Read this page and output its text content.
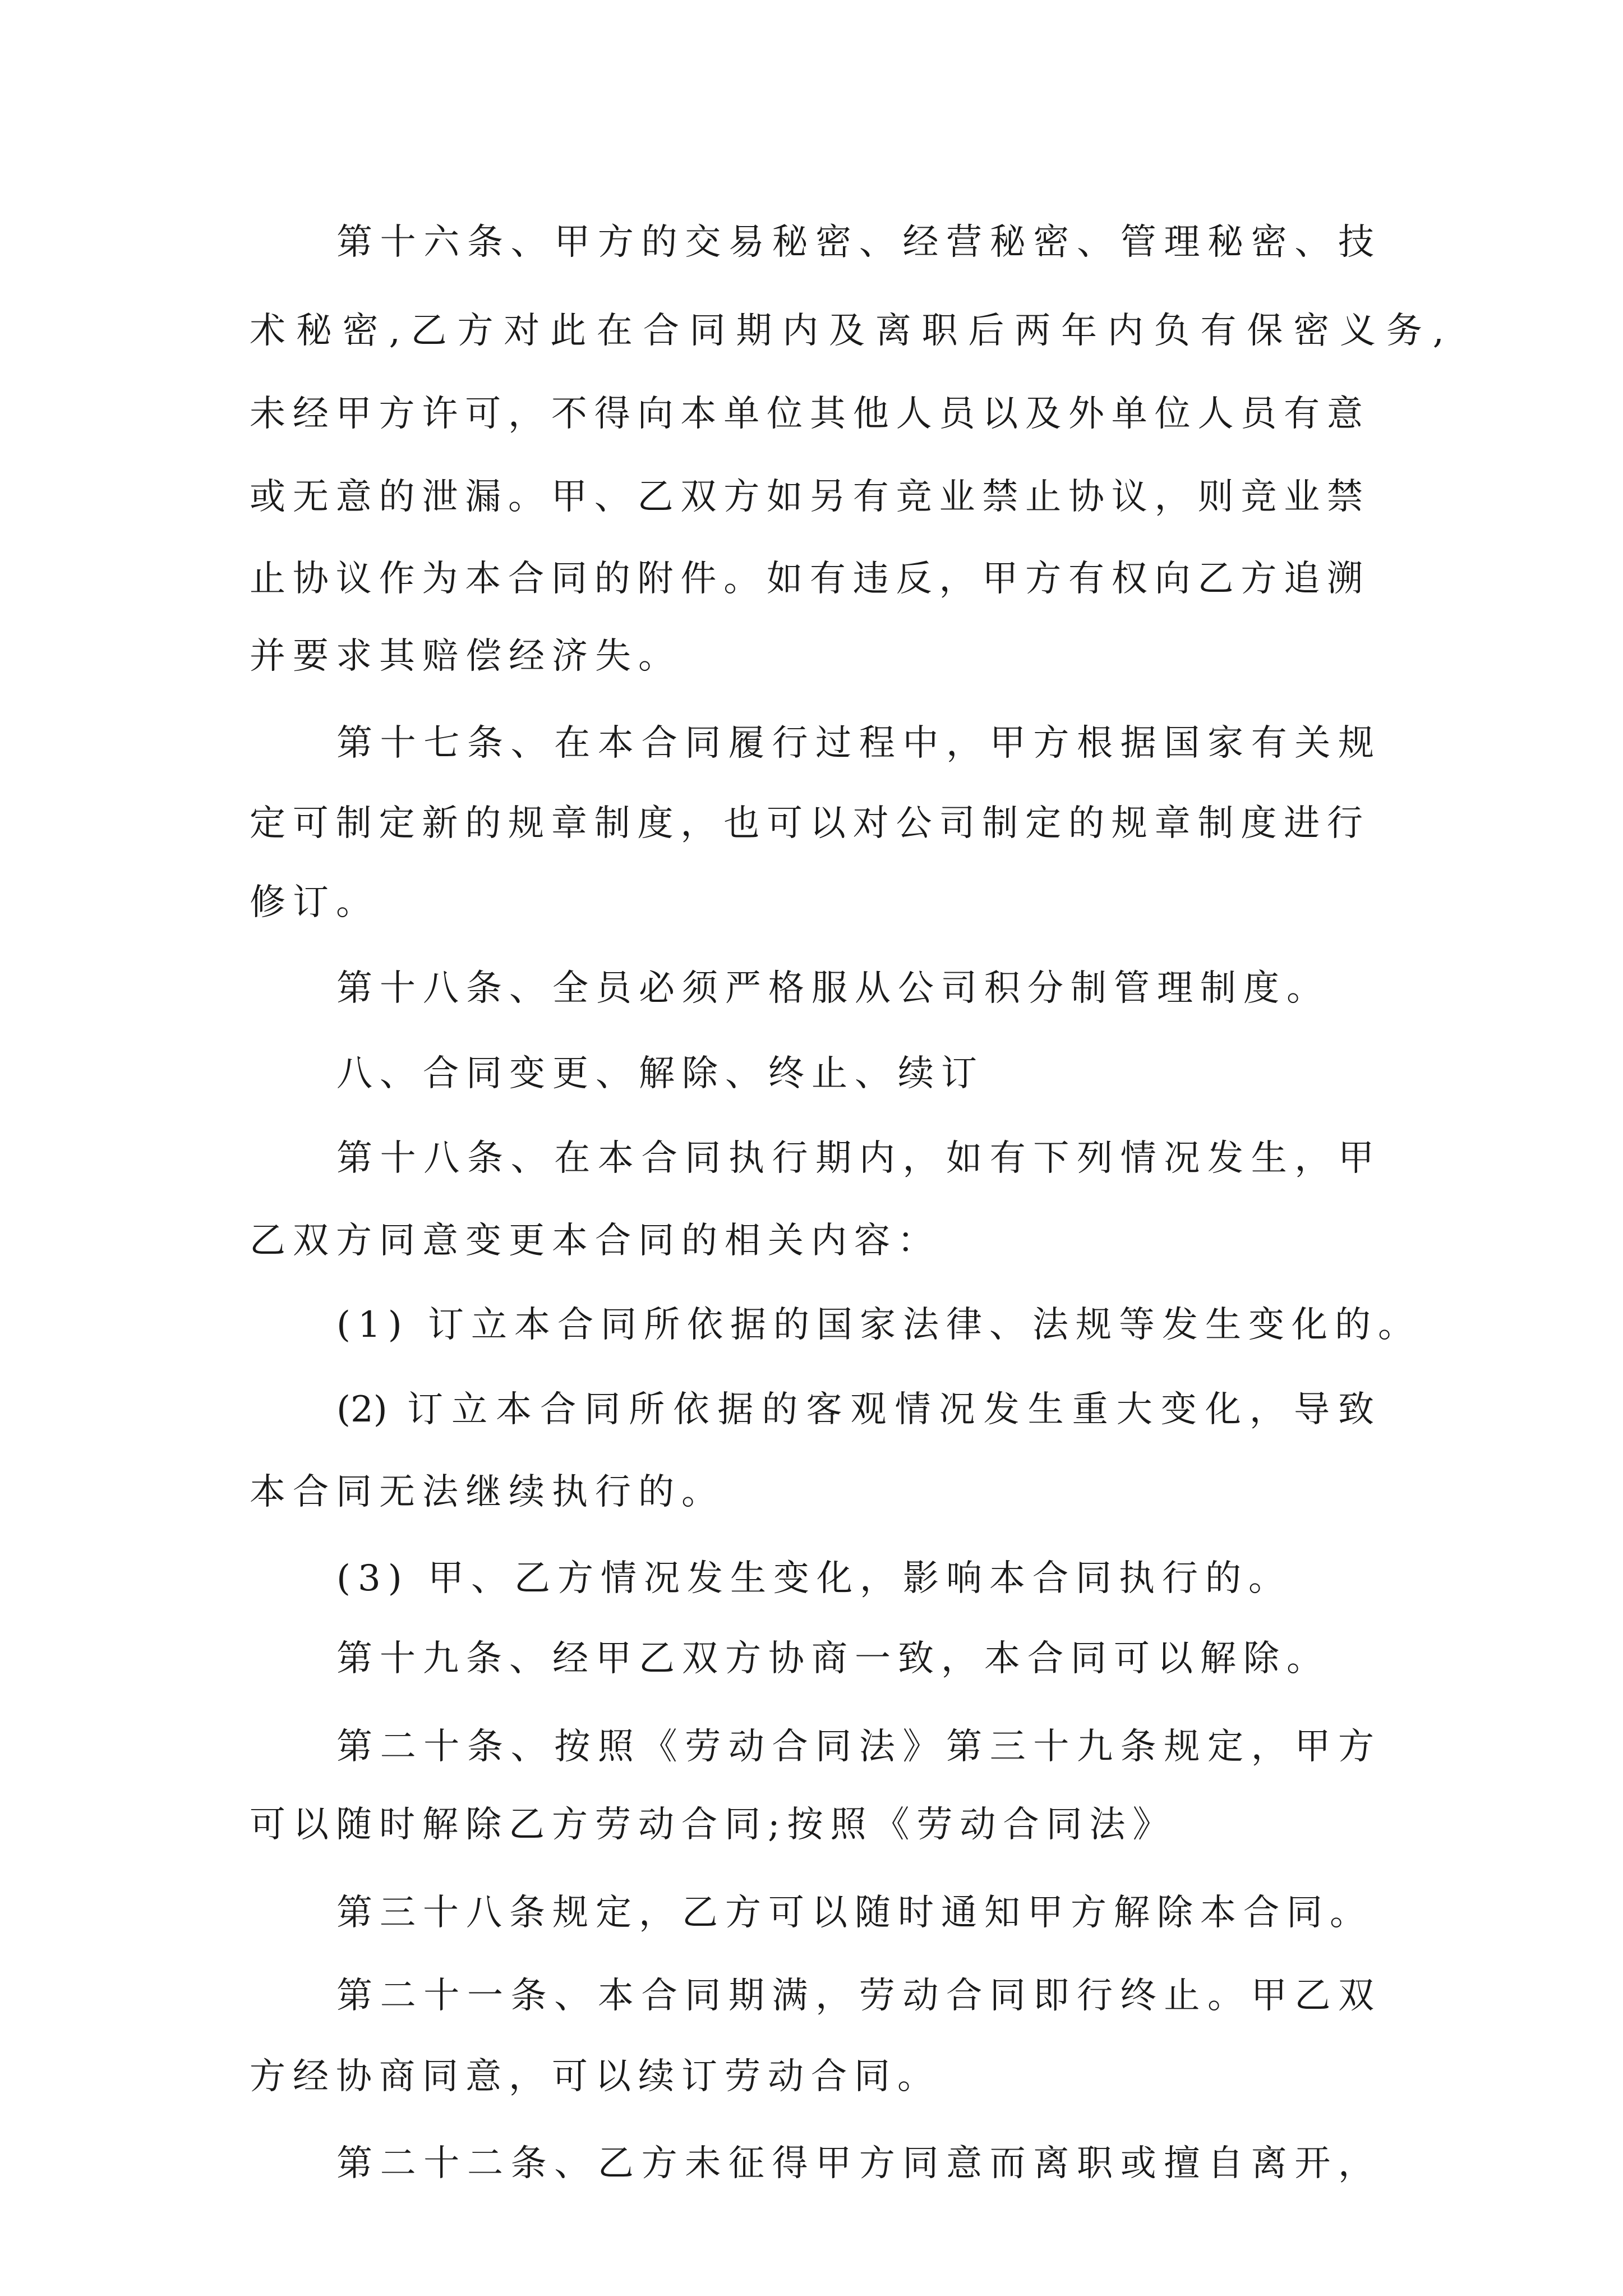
第十六条、甲方的交易秘密、经营秘密、管理秘密、技
术秘密,乙方对此在合同期内及离职后两年内负有保密义务,
未经甲方许可，不得向本单位其他人员以及外单位人员有意
或无意的泄漏。甲、乙双方如另有竞业禁止协议，则竞业禁
止协议作为本合同的附件。如有违反，甲方有权向乙方追溯
并要求其赔偿经济失。
第十七条、在本合同履行过程中，甲方根据国家有关规
定可制定新的规章制度，也可以对公司制定的规章制度进行
修订。
第十八条、全员必须严格服从公司积分制管理制度。
八、合同变更、解除、终止、续订
第十八条、在本合同执行期内，如有下列情况发生，甲
乙双方同意变更本合同的相关内容：
(1) 订立本合同所依据的国家法律、法规等发生变化的。
(2) 订立本合同所依据的客观情况发生重大变化，导致
本合同无法继续执行的。
(3) 甲、乙方情况发生变化，影响本合同执行的。
第十九条、经甲乙双方协商一致，本合同可以解除。
第二十条、按照《劳动合同法》第三十九条规定，甲方
可以随时解除乙方劳动合同;按照《劳动合同法》
第三十八条规定，乙方可以随时通知甲方解除本合同。
第二十一条、本合同期满，劳动合同即行终止。甲乙双
方经协商同意，可以续订劳动合同。
第二十二条、乙方未征得甲方同意而离职或擅自离开，
